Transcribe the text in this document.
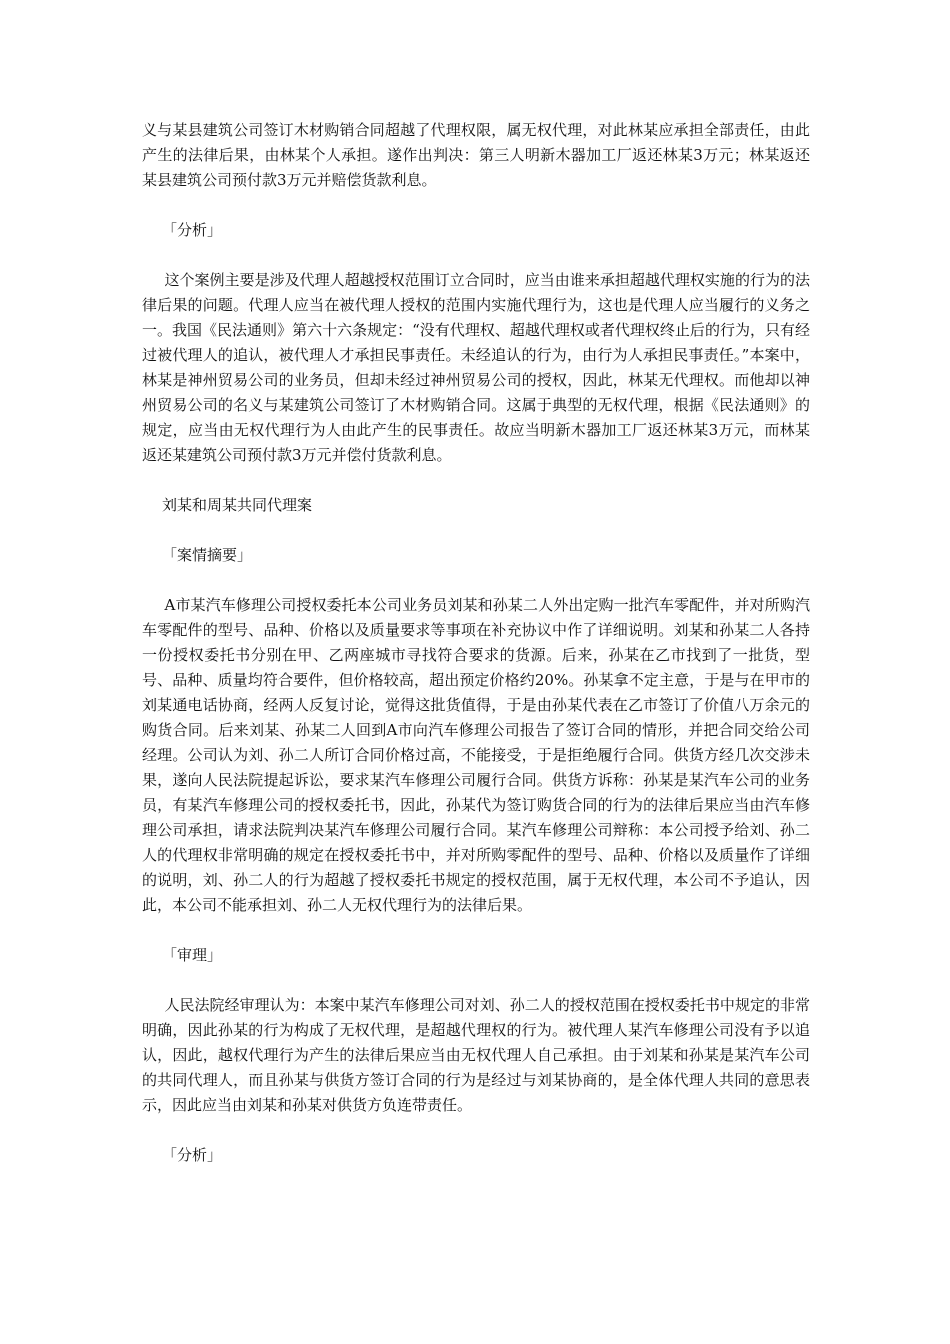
义与某县建筑公司签订木材购销合同超越了代理权限，属无权代理，对此林某应承担全部责任，由此产生的法律后果，由林某个人承担。遂作出判决：第三人明新木器加工厂返还林某3万元；林某返还某县建筑公司预付款3万元并赔偿货款利息。

「分析」

这个案例主要是涉及代理人超越授权范围订立合同时，应当由谁来承担超越代理权实施的行为的法律后果的问题。代理人应当在被代理人授权的范围内实施代理行为，这也是代理人应当履行的义务之一。我国《民法通则》第六十六条规定：“没有代理权、超越代理权或者代理权终止后的行为，只有经过被代理人的追认，被代理人才承担民事责任。未经追认的行为，由行为人承担民事责任。”本案中，林某是神州贸易公司的业务员，但却未经过神州贸易公司的授权，因此，林某无代理权。而他却以神州贸易公司的名义与某建筑公司签订了木材购销合同。这属于典型的无权代理，根据《民法通则》的规定，应当由无权代理行为人由此产生的民事责任。故应当明新木器加工厂返还林某3万元，而林某返还某建筑公司预付款3万元并偿付货款利息。

刘某和周某共同代理案

「案情摘要」

A市某汽车修理公司授权委托本公司业务员刘某和孙某二人外出定购一批汽车零配件，并对所购汽车零配件的型号、品种、价格以及质量要求等事项在补充协议中作了详细说明。刘某和孙某二人各持一份授权委托书分别在甲、乙两座城市寻找符合要求的货源。后来，孙某在乙市找到了一批货，型号、品种、质量均符合要件，但价格较高，超出预定价格约20%。孙某拿不定主意，于是与在甲市的刘某通电话协商，经两人反复讨论，觉得这批货值得，于是由孙某代表在乙市签订了价值八万余元的购货合同。后来刘某、孙某二人回到A市向汽车修理公司报告了签订合同的情形，并把合同交给公司经理。公司认为刘、孙二人所订合同价格过高，不能接受，于是拒绝履行合同。供货方经几次交涉未果，遂向人民法院提起诉讼，要求某汽车修理公司履行合同。供货方诉称：孙某是某汽车公司的业务员，有某汽车修理公司的授权委托书，因此，孙某代为签订购货合同的行为的法律后果应当由汽车修理公司承担，请求法院判决某汽车修理公司履行合同。某汽车修理公司辩称：本公司授予给刘、孙二人的代理权非常明确的规定在授权委托书中，并对所购零配件的型号、品种、价格以及质量作了详细的说明，刘、孙二人的行为超越了授权委托书规定的授权范围，属于无权代理，本公司不予追认，因此，本公司不能承担刘、孙二人无权代理行为的法律后果。

「审理」

人民法院经审理认为：本案中某汽车修理公司对刘、孙二人的授权范围在授权委托书中规定的非常明确，因此孙某的行为构成了无权代理，是超越代理权的行为。被代理人某汽车修理公司没有予以追认，因此，越权代理行为产生的法律后果应当由无权代理人自己承担。由于刘某和孙某是某汽车公司的共同代理人，而且孙某与供货方签订合同的行为是经过与刘某协商的，是全体代理人共同的意思表示，因此应当由刘某和孙某对供货方负连带责任。

「分析」
